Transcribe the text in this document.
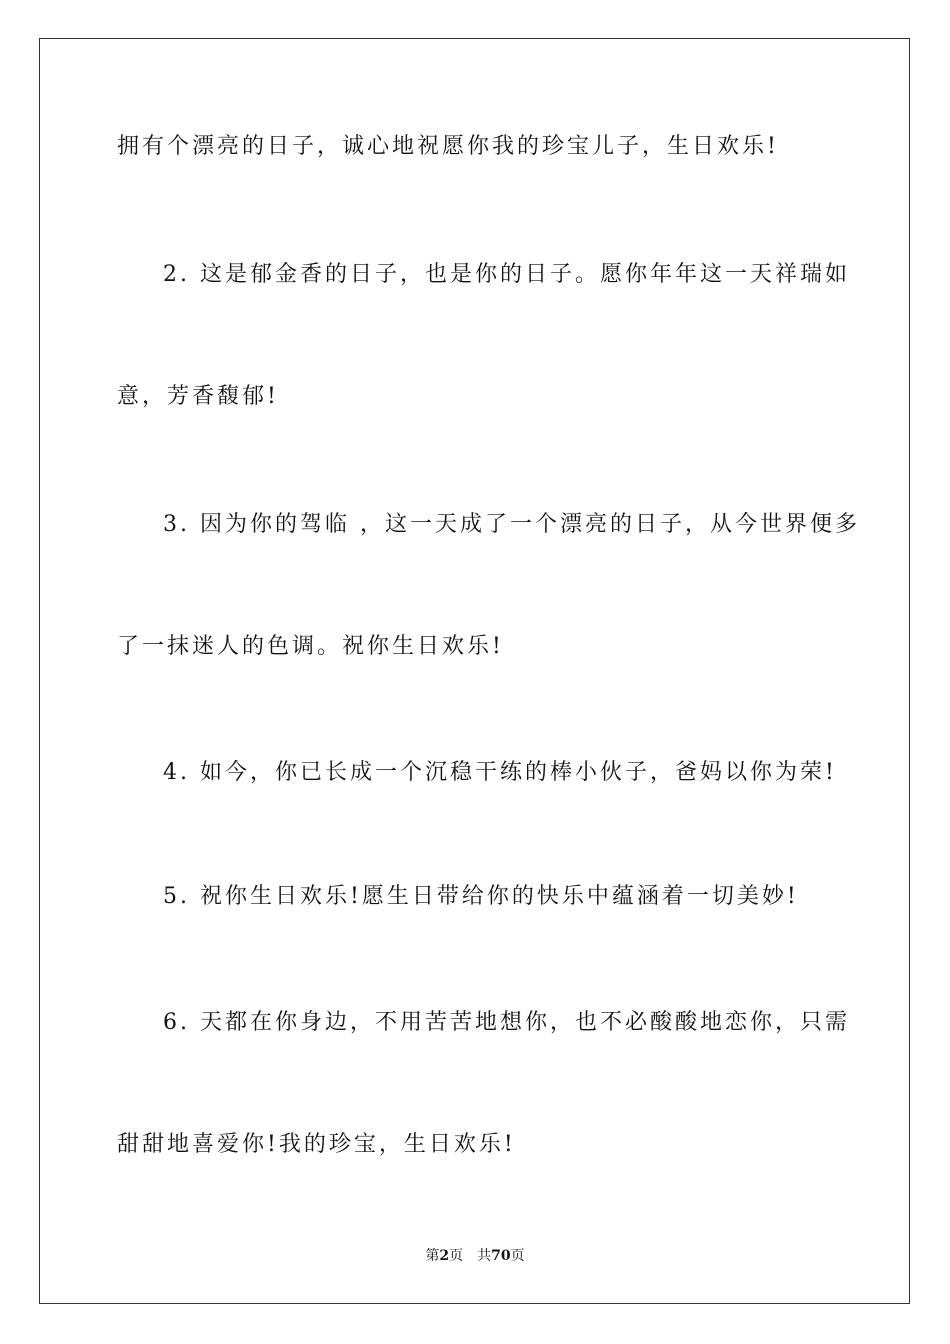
拥有个漂亮的日子，诚心地祝愿你我的珍宝儿子，生日欢乐!
2. 这是郁金香的日子，也是你的日子。愿你年年这一天祥瑞如
意，芳香馥郁!
3. 因为你的驾临 ，这一天成了一个漂亮的日子，从今世界便多
了一抹迷人的色调。祝你生日欢乐!
4. 如今，你已长成一个沉稳干练的棒小伙子，爸妈以你为荣!
5. 祝你生日欢乐!愿生日带给你的快乐中蕴涵着一切美妙!
6. 天都在你身边，不用苦苦地想你，也不必酸酸地恋你，只需
甜甜地喜爱你!我的珍宝，生日欢乐!
第2页 共70页
